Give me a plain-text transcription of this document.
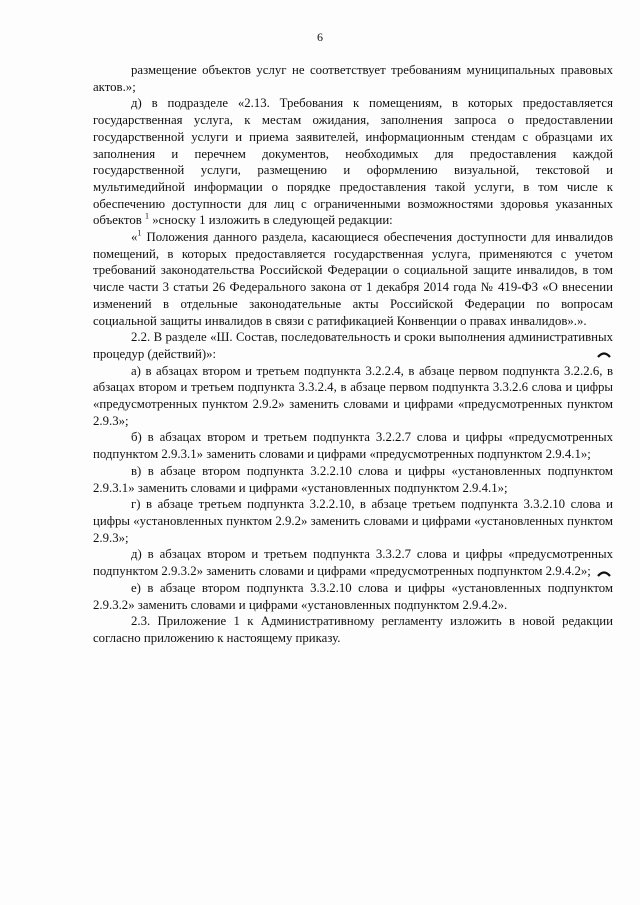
6

размещение объектов услуг не соответствует требованиям муниципальных правовых актов.»;

д) в подразделе «2.13. Требования к помещениям, в которых предоставляется государственная услуга, к местам ожидания, заполнения запроса о предоставлении государственной услуги и приема заявителей, информационным стендам с образцами их заполнения и перечнем документов, необходимых для предоставления каждой государственной услуги, размещению и оформлению визуальной, текстовой и мультимедийной информации о порядке предоставления такой услуги, в том числе к обеспечению доступности для лиц с ограниченными возможностями здоровья указанных объектов $^1$ »сноску 1 изложить в следующей редакции:

«$^1$ Положения данного раздела, касающиеся обеспечения доступности для инвалидов помещений, в которых предоставляется государственная услуга, применяются с учетом требований законодательства Российской Федерации о социальной защите инвалидов, в том числе части 3 статьи 26 Федерального закона от 1 декабря 2014 года № 419-ФЗ «О внесении изменений в отдельные законодательные акты Российской Федерации по вопросам социальной защиты инвалидов в связи с ратификацией Конвенции о правах инвалидов».».

2.2. В разделе «Ш. Состав, последовательность и сроки выполнения административных процедур (действий)»:

а) в абзацах втором и третьем подпункта 3.2.2.4, в абзаце первом подпункта 3.2.2.6, в абзацах втором и третьем подпункта 3.3.2.4, в абзаце первом подпункта 3.3.2.6 слова и цифры «предусмотренных пунктом 2.9.2» заменить словами и цифрами «предусмотренных пунктом 2.9.3»;

б) в абзацах втором и третьем подпункта 3.2.2.7 слова и цифры «предусмотренных подпунктом 2.9.3.1» заменить словами и цифрами «предусмотренных подпунктом 2.9.4.1»;

в) в абзаце втором подпункта 3.2.2.10 слова и цифры «установленных подпунктом 2.9.3.1» заменить словами и цифрами «установленных подпунктом 2.9.4.1»;

г) в абзаце третьем подпункта 3.2.2.10, в абзаце третьем подпункта 3.3.2.10 слова и цифры «установленных пунктом 2.9.2» заменить словами и цифрами «установленных пунктом 2.9.3»;

д) в абзацах втором и третьем подпункта 3.3.2.7 слова и цифры «предусмотренных подпунктом 2.9.3.2» заменить словами и цифрами «предусмотренных подпунктом 2.9.4.2»;

е) в абзаце втором подпункта 3.3.2.10 слова и цифры «установленных подпунктом 2.9.3.2» заменить словами и цифрами «установленных подпунктом 2.9.4.2».

2.3. Приложение 1 к Административному регламенту изложить в новой редакции согласно приложению к настоящему приказу.
